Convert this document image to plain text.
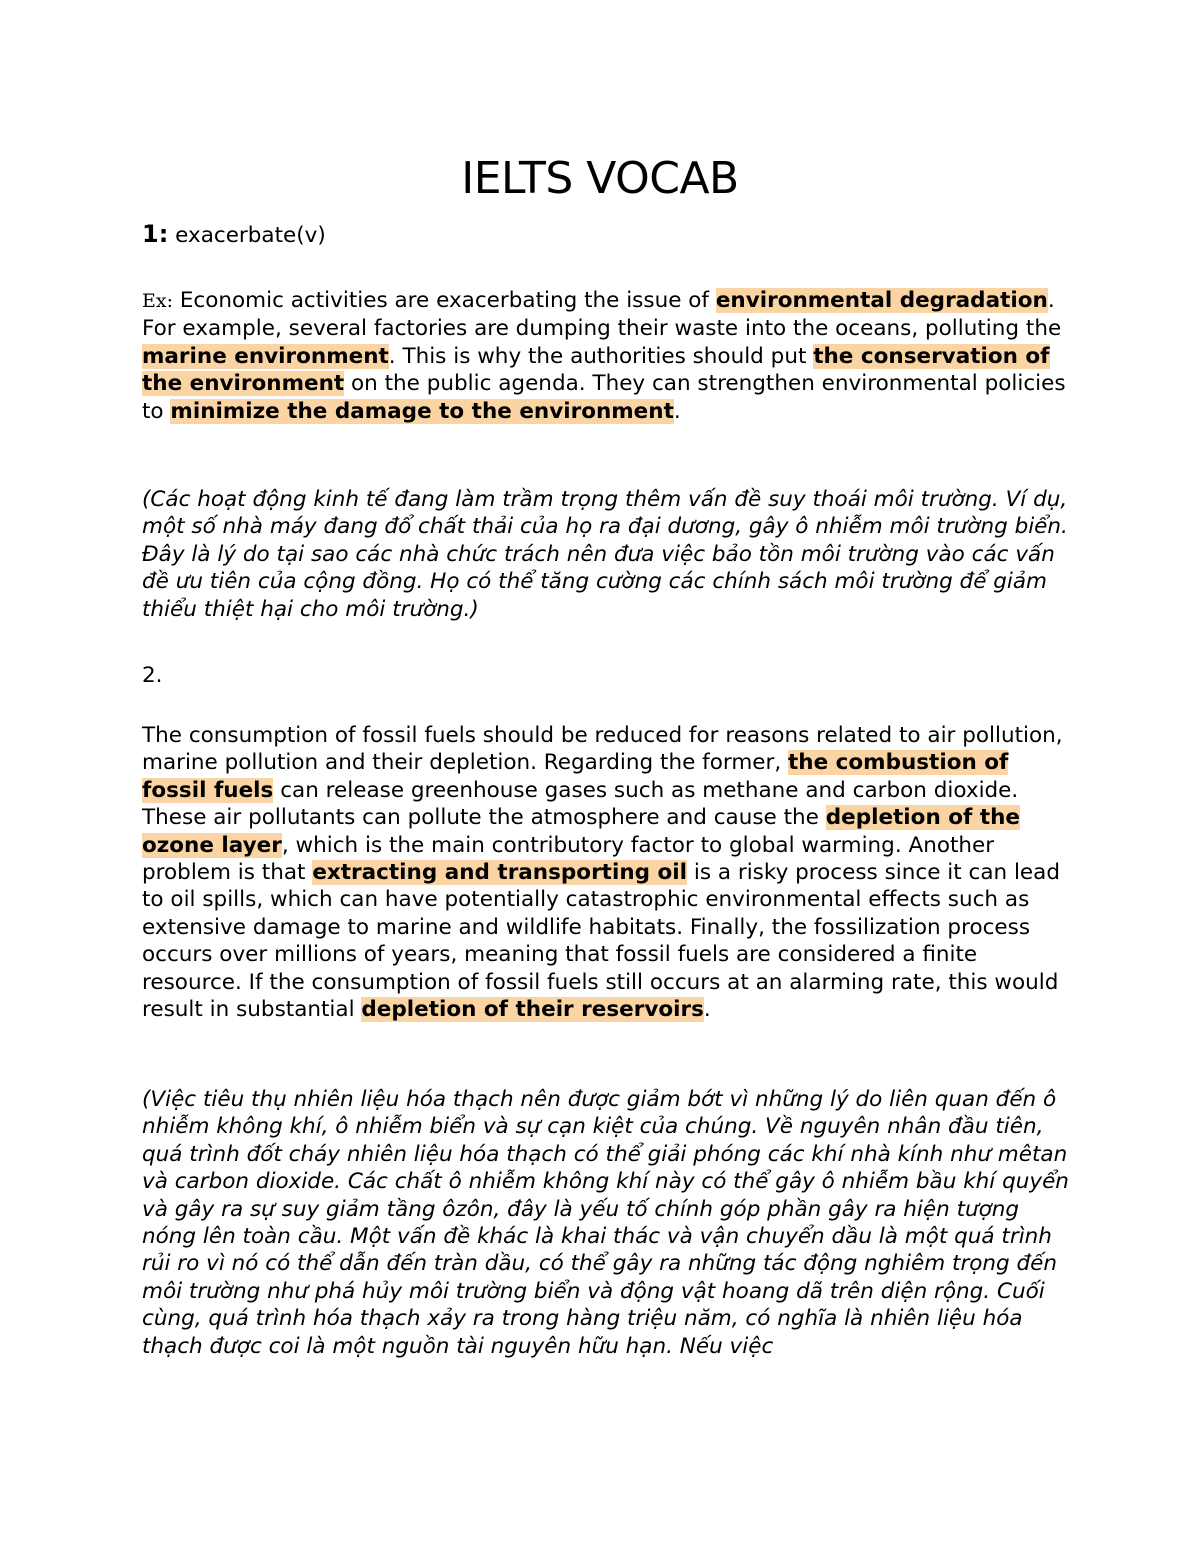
IELTS VOCAB

1: exacerbate(v)

Ex: Economic activities are exacerbating the issue of environmental degradation. For example, several factories are dumping their waste into the oceans, polluting the marine environment. This is why the authorities should put the conservation of the environment on the public agenda. They can strengthen environmental policies to minimize the damage to the environment.

(Các hoạt động kinh tế đang làm trầm trọng thêm vấn đề suy thoái môi trường. Ví dụ, một số nhà máy đang đổ chất thải của họ ra đại dương, gây ô nhiễm môi trường biển. Đây là lý do tại sao các nhà chức trách nên đưa việc bảo tồn môi trường vào các vấn đề ưu tiên của cộng đồng. Họ có thể tăng cường các chính sách môi trường để giảm thiểu thiệt hại cho môi trường.)

2.

The consumption of fossil fuels should be reduced for reasons related to air pollution, marine pollution and their depletion. Regarding the former, the combustion of fossil fuels can release greenhouse gases such as methane and carbon dioxide. These air pollutants can pollute the atmosphere and cause the depletion of the ozone layer, which is the main contributory factor to global warming. Another problem is that extracting and transporting oil is a risky process since it can lead to oil spills, which can have potentially catastrophic environmental effects such as extensive damage to marine and wildlife habitats. Finally, the fossilization process occurs over millions of years, meaning that fossil fuels are considered a finite resource. If the consumption of fossil fuels still occurs at an alarming rate, this would result in substantial depletion of their reservoirs.

(Việc tiêu thụ nhiên liệu hóa thạch nên được giảm bớt vì những lý do liên quan đến ô nhiễm không khí, ô nhiễm biển và sự cạn kiệt của chúng. Về nguyên nhân đầu tiên, quá trình đốt cháy nhiên liệu hóa thạch có thể giải phóng các khí nhà kính như mêtan và carbon dioxide. Các chất ô nhiễm không khí này có thể gây ô nhiễm bầu khí quyển và gây ra sự suy giảm tầng ôzôn, đây là yếu tố chính góp phần gây ra hiện tượng nóng lên toàn cầu. Một vấn đề khác là khai thác và vận chuyển dầu là một quá trình rủi ro vì nó có thể dẫn đến tràn dầu, có thể gây ra những tác động nghiêm trọng đến môi trường như phá hủy môi trường biển và động vật hoang dã trên diện rộng. Cuối cùng, quá trình hóa thạch xảy ra trong hàng triệu năm, có nghĩa là nhiên liệu hóa thạch được coi là một nguồn tài nguyên hữu hạn. Nếu việc
